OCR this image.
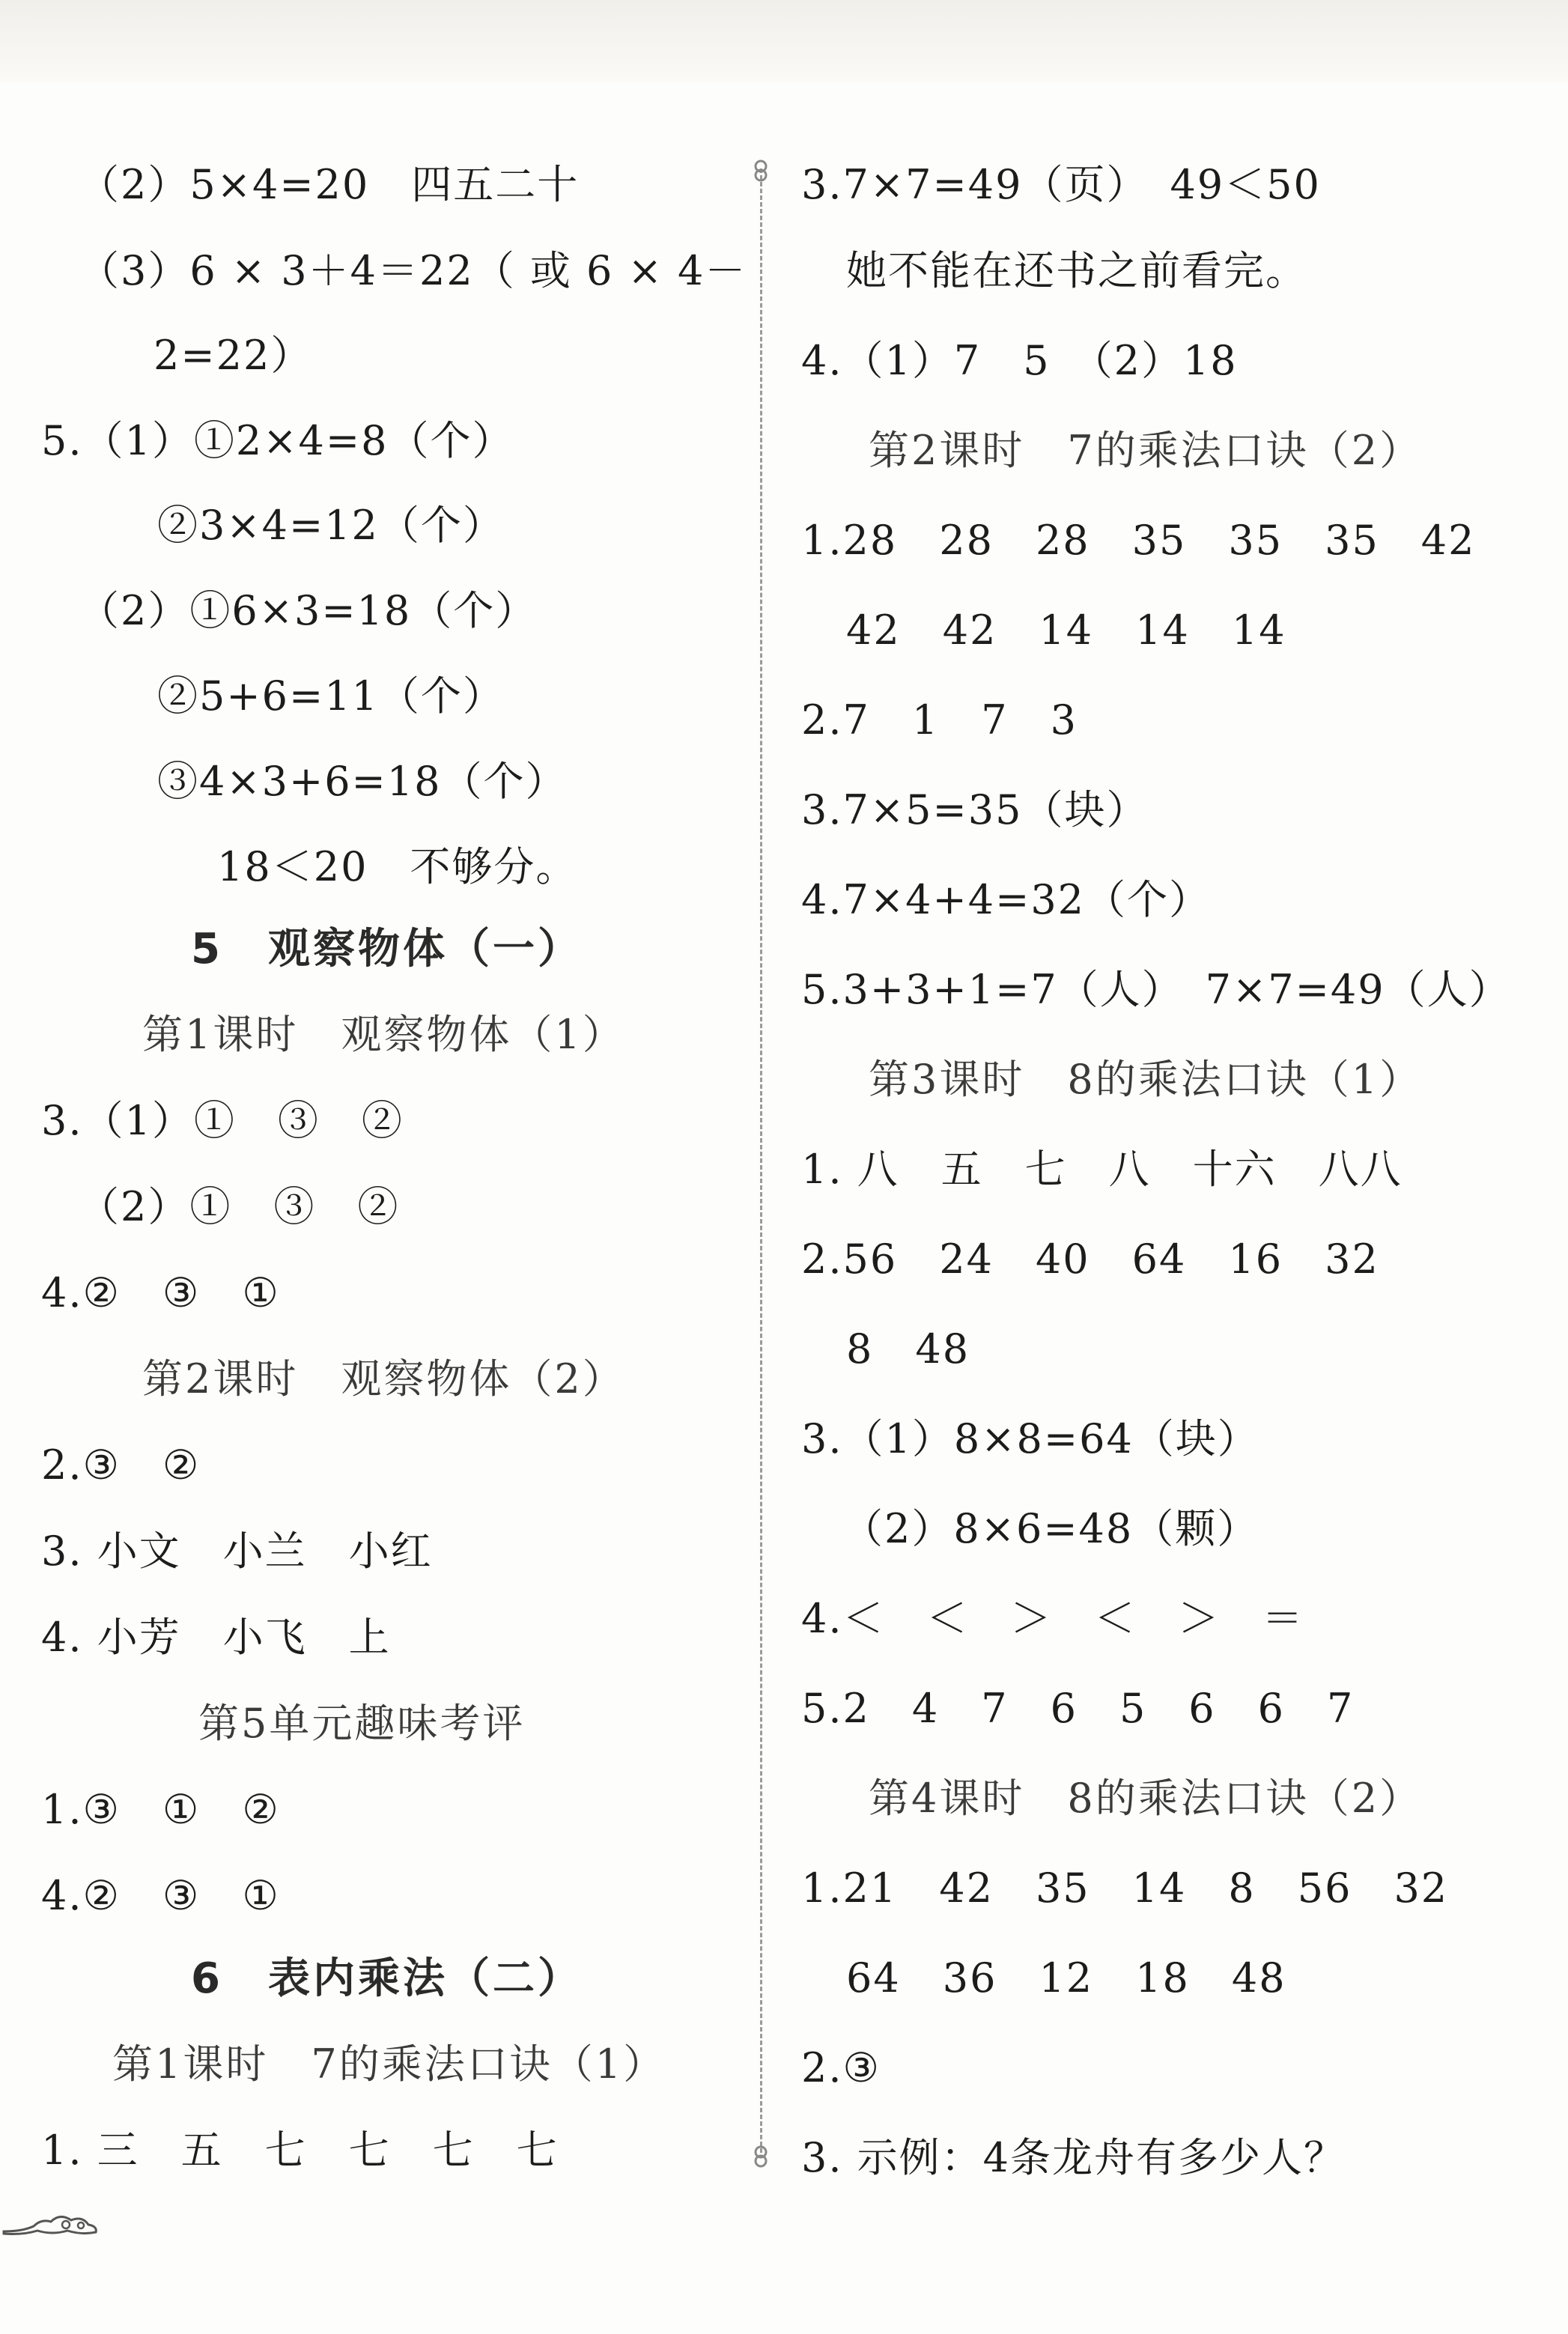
（2）5×4=20　四五二十
（3）6 × 3＋4＝22（ 或 6 × 4－
2=22）
5.（1）①2×4=8（个）
②3×4=12（个）
（2）①6×3=18（个）
②5+6=11（个）
③4×3+6=18（个）
18＜20　不够分。
5　观察物体（一）
第1课时　观察物体（1）
3.（1）①　③　②
（2）①　③　②
4.②　③　①
第2课时　观察物体（2）
2.③　②
3. 小文　小兰　小红
4. 小芳　小飞　上
第5单元趣味考评
1.③　①　②
4.②　③　①
6　表内乘法（二）
第1课时　7的乘法口诀（1）
1. 三　五　七　七　七　七
3.7×7=49（页）　49＜50
她不能在还书之前看完。
4.（1）7　5　（2）18
第2课时　7的乘法口诀（2）
1.28　28　28　35　35　35　42
42　42　14　14　14
2.7　1　7　3
3.7×5=35（块）
4.7×4+4=32（个）
5.3+3+1=7（人）　7×7=49（人）
第3课时　8的乘法口诀（1）
1. 八　五　七　八　十六　八八
2.56　24　40　64　16　32
8　48
3.（1）8×8=64（块）
（2）8×6=48（颗）
4.＜　＜　＞　＜　＞　＝
5.2　4　7　6　5　6　6　7
第4课时　8的乘法口诀（2）
1.21　42　35　14　8　56　32
64　36　12　18　48
2.③
3. 示例：4条龙舟有多少人？
